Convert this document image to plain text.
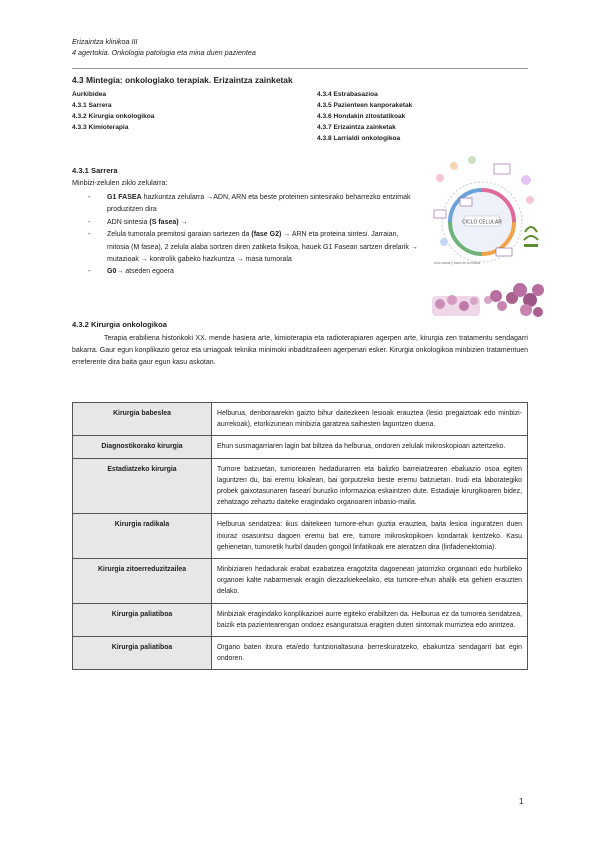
Erizaintza klinikoa III
4 agertokia. Onkologia patologia eta mina duen pazientea
4.3 Mintegia: onkologiako terapiak. Erizaintza zainketak
Aurkibidea
4.3.1 Sarrera
4.3.2 Kirurgia onkologikoa
4.3.3 Kimioterapia
4.3.4 Estrabasazioa
4.3.5 Pazienteen kanporaketak
4.3.6 Hondakin zitostatikoak
4.3.7 Erizaintza zainketak
4.3.8 Larrialdi onkologikoa
4.3.1 Sarrera
Minbizi-zelulen ziklo zelularra:
- G1 FASEA hazkuntza zelularra →ADN, ARN eta beste proteinen sintesirako beharrezko entzimak produzitzen dira
- ADN sintesia (S fasea) →
- Zelula tumorala premitosi garaian sartezen da (fase G2) → ARN eta proteina sintesi. Jarraian, mitosia (M fasea), 2 zelula alaba sortzen diren zatiketa fisikoa, hauek G1 Fasean sartzen direlarik → mutazioak → kontrolik gabeko hazkuntza → masa tumorala
- G0→ atseden egoera
CICLO CELULAR
ciclo celular y fases de la mitosis
4.3.2 Kirurgia onkologikoa
Terapia erabiliena historikoki XX. mende hasiera arte, kimioterapia eta radioterapiaren agerpen arte, kirurgia zen tratamentu sendagarri bakarra. Gaur egun konplikazio geroz eta urriagoak teknika minimoki inbaditzaileen agerpenari esker. Kirurgia onkologikoa minbizien tratamentuen erreferente dira baita gaur egun kasu askotan.
Kirurgia babeslea	Helburua, denboraarekin gaizto bihur daitezkeen lesioak erauztea (lesio pregaiztoak edo minbizi-aurrekoak), etorkizunean minbizia garatzea saihesten laguntzen duena.
Diagnostikorako kirurgia	Ehun susmagarriaren lagin bat biltzea da helburua, ondoren zelulak mikroskopioan aztertzeko.
Estadiatzeko kirurgia	Tumore batzuetan, tumorearen hedadurarren eta balizko barreiatzearen ebaluazio osoa egiten laguntzen du, bai eremu lokalean, bai gorputzeko beste eremu batzuetan. Irudi eta laborategiko probek gaixotasunaren fasearí buruzko informazioa eskaintzen dute. Estadiaje kirurgikoaren bidez, zehatzago zehaztu daiteke eragindako organoaren inbasio-maila.
Kirurgia radikala	Helburua sendatzea: ikus daitekeen tumore-ehun guztia erauztea, baita lesioa inguratzen duen itxuraz osasuntsu dagoen eremu bat ere, tumore mikroskopikoen kondarrak kentzeko. Kasu gehienetan, tumoretik hurbil dauden gongoil linfatikoak ere ateratzen dira (linfadenektomia).
Kirurgia zitoerreduzitzailea	Minbiziaren hedadurak erabat ezabatzea eragotzita dagoenean jatorrizko organoari edo hurbileko organoei kalte nabarmenak eragin diezazkiekeelako, eta tumore-ehun ahalik eta gehien erauzten delako.
Kirurgia paliatiboa	Minbiziak eragindako konplikazioei aurre egiteko erabiltzen da. Helburua ez da tumorea sendatzea, baizik eta pazientearengan ondoez esanguratsua eragiten duten sintomak murriztea edo arintzea.
Kirurgia paliatiboa	Organo baten itxura eta/edo funtzionaltasuna berreskuratzeko, ebakuntza sendagarri bat egin ondoren.
1
